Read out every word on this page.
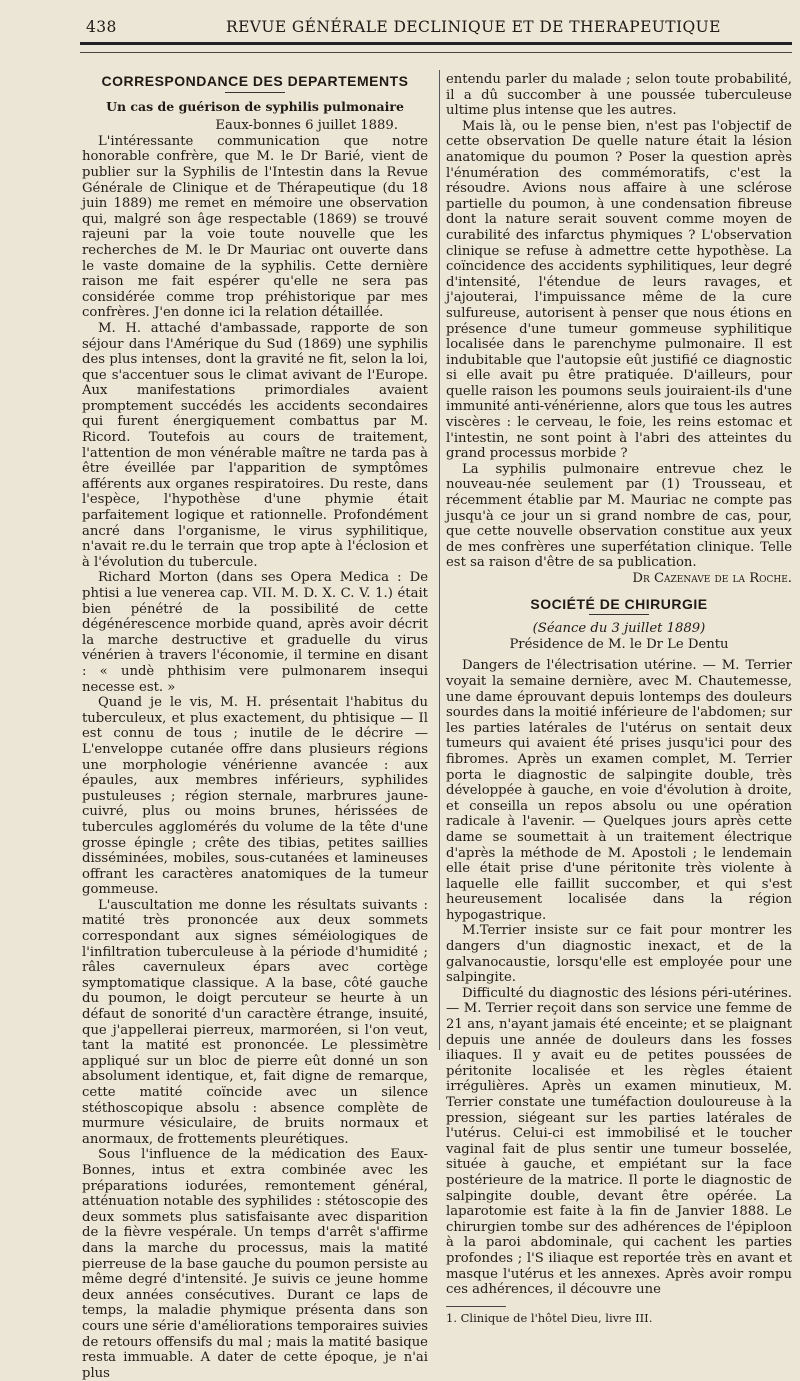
438	REVUE GÉNÉRALE DECLINIQUE ET DE THERAPEUTIQUE

CORRESPONDANCE DES DEPARTEMENTS

Un cas de guérison de syphilis pulmonaire

Eaux-bonnes 6 juillet 1889.

L'intéressante communication que notre honorable confrère, que M. le Dr Barié, vient de publier sur la Syphilis de l'Intestin dans la Revue Générale de Clinique et de Thérapeutique (du 18 juin 1889) me remet en mémoire une observation qui, malgré son âge respectable (1869) se trouvé rajeuni par la voie toute nouvelle que les recherches de M. le Dr Mauriac ont ouverte dans le vaste domaine de la syphilis. Cette dernière raison me fait espérer qu'elle ne sera pas considérée comme trop préhistorique par mes confrères. J'en donne ici la relation détaillée.

M. H. attaché d'ambassade, rapporte de son séjour dans l'Amérique du Sud (1869) une syphilis des plus intenses, dont la gravité ne fit, selon la loi, que s'accentuer sous le climat avivant de l'Europe. Aux manifestations primordiales avaient promptement succédés les accidents secondaires qui furent énergiquement combattus par M. Ricord. Toutefois au cours de traitement, l'attention de mon vénérable maître ne tarda pas à être éveillée par l'apparition de symptômes afférents aux organes respiratoires. Du reste, dans l'espèce, l'hypothèse d'une phymie était parfaitement logique et rationnelle. Profondément ancré dans l'organisme, le virus syphilitique, n'avait re.du le terrain que trop apte à l'éclosion et à l'évolution du tubercule.

Richard Morton (dans ses Opera Medica : De phtisi a lue venerea cap. VII. M. D. X. C. V. 1.) était bien pénétré de la possibilité de cette dégénérescence morbide quand, après avoir décrit la marche destructive et graduelle du virus vénérien à travers l'économie, il termine en disant : « undè phthisim vere pulmonarem insequi necesse est. »

Quand je le vis, M. H. présentait l'habitus du tuberculeux, et plus exactement, du phtisique — Il est connu de tous ; inutile de le décrire — L'enveloppe cutanée offre dans plusieurs régions une morphologie vénérienne avancée : aux épaules, aux membres inférieurs, syphilides pustuleuses ; région sternale, marbrures jaune-cuivré, plus ou moins brunes, hérissées de tubercules agglomérés du volume de la tête d'une grosse épingle ; crête des tibias, petites saillies disséminées, mobiles, sous-cutanées et lamineuses offrant les caractères anatomiques de la tumeur gommeuse.

L'auscultation me donne les résultats suivants : matité très prononcée aux deux sommets correspondant aux signes séméiologiques de l'infiltration tuberculeuse à la période d'humidité ; râles cavernuleux épars avec cortège symptomatique classique. A la base, côté gauche du poumon, le doigt percuteur se heurte à un défaut de sonorité d'un caractère étrange, insuité, que j'appellerai pierreux, marmoréen, si l'on veut, tant la matité est prononcée. Le plessimètre appliqué sur un bloc de pierre eût donné un son absolument identique, et, fait digne de remarque, cette matité coïncide avec un silence stéthoscopique absolu : absence complète de murmure vésiculaire, de bruits normaux et anormaux, de frottements pleurétiques.

Sous l'influence de la médication des Eaux-Bonnes, intus et extra combinée avec les préparations iodurées, remontement général, atténuation notable des syphilides : stétoscopie des deux sommets plus satisfaisante avec disparition de la fièvre vespérale. Un temps d'arrêt s'affirme dans la marche du processus, mais la matité pierreuse de la base gauche du poumon persiste au même degré d'intensité. Je suivis ce jeune homme deux années consécutives. Durant ce laps de temps, la maladie phymique présenta dans son cours une série d'améliorations temporaires suivies de retours offensifs du mal ; mais la matité basique resta immuable. A dater de cette époque, je n'ai plus

entendu parler du malade ; selon toute probabilité, il a dû succomber à une poussée tuberculeuse ultime plus intense que les autres.

Mais là, ou le pense bien, n'est pas l'objectif de cette observation De quelle nature était la lésion anatomique du poumon ? Poser la question après l'énumération des commémoratifs, c'est la résoudre. Avions nous affaire à une sclérose partielle du poumon, à une condensation fibreuse dont la nature serait souvent comme moyen de curabilité des infarctus phymiques ? L'observation clinique se refuse à admettre cette hypothèse. La coïncidence des accidents syphilitiques, leur degré d'intensité, l'étendue de leurs ravages, et j'ajouterai, l'impuissance même de la cure sulfureuse, autorisent à penser que nous étions en présence d'une tumeur gommeuse syphilitique localisée dans le parenchyme pulmonaire. Il est indubitable que l'autopsie eût justifié ce diagnostic si elle avait pu être pratiquée. D'ailleurs, pour quelle raison les poumons seuls jouiraient-ils d'une immunité anti-vénérienne, alors que tous les autres viscères : le cerveau, le foie, les reins estomac et l'intestin, ne sont point à l'abri des atteintes du grand processus morbide ?

La syphilis pulmonaire entrevue chez le nouveau-née seulement par (1) Trousseau, et récemment établie par M. Mauriac ne compte pas jusqu'à ce jour un si grand nombre de cas, pour, que cette nouvelle observation constitue aux yeux de mes confrères une superfétation clinique. Telle est sa raison d'être de sa publication.

Dr Cazenave de la Roche.

SOCIÉTÉ DE CHIRURGIE

(Séance du 3 juillet 1889)

Présidence de M. le Dr Le Dentu

Dangers de l'électrisation utérine. — M. Terrier voyait la semaine dernière, avec M. Chautemesse, une dame éprouvant depuis lontemps des douleurs sourdes dans la moitié inférieure de l'abdomen; sur les parties latérales de l'utérus on sentait deux tumeurs qui avaient été prises jusqu'ici pour des fibromes. Après un examen complet, M. Terrier porta le diagnostic de salpingite double, très développée à gauche, en voie d'évolution à droite, et conseilla un repos absolu ou une opération radicale à l'avenir. — Quelques jours après cette dame se soumettait à un traitement électrique d'après la méthode de M. Apostoli ; le lendemain elle était prise d'une péritonite très violente à laquelle elle faillit succomber, et qui s'est heureusement localisée dans la région hypogastrique.

M.Terrier insiste sur ce fait pour montrer les dangers d'un diagnostic inexact, et de la galvanocaustie, lorsqu'elle est employée pour une salpingite.

Difficulté du diagnostic des lésions péri-utérines. — M. Terrier reçoit dans son service une femme de 21 ans, n'ayant jamais été enceinte; et se plaignant depuis une année de douleurs dans les fosses iliaques. Il y avait eu de petites poussées de péritonite localisée et les règles étaient irrégulières. Après un examen minutieux, M. Terrier constate une tuméfaction douloureuse à la pression, siégeant sur les parties latérales de l'utérus. Celui-ci est immobilisé et le toucher vaginal fait de plus sentir une tumeur bosselée, située à gauche, et empiétant sur la face postérieure de la matrice. Il porte le diagnostic de salpingite double, devant être opérée. La laparotomie est faite à la fin de Janvier 1888. Le chirurgien tombe sur des adhérences de l'épiploon à la paroi abdominale, qui cachent les parties profondes ; l'S iliaque est reportée très en avant et masque l'utérus et les annexes. Après avoir rompu ces adhérences, il découvre une

1. Clinique de l'hôtel Dieu, livre III.
